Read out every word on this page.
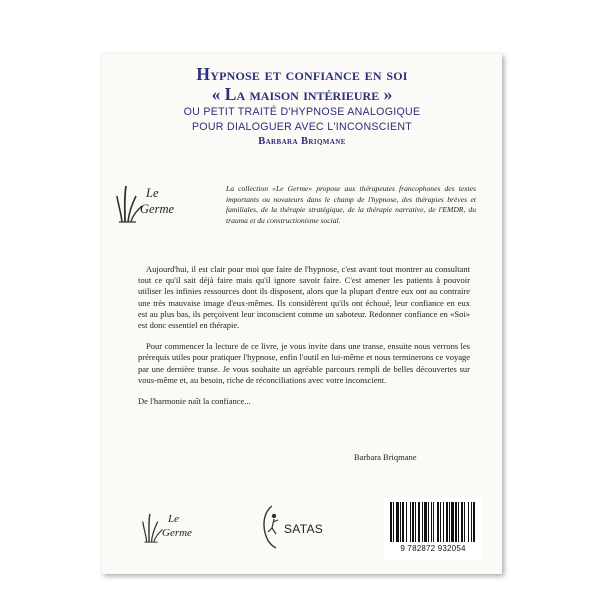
Hypnose et confiance en soi
« La maison intérieure »
OU PETIT TRAITÉ D'HYPNOSE ANALOGIQUE
POUR DIALOGUER AVEC L'INCONSCIENT
Barbara Briqmane
Le
Germe
La collection «Le Germe» propose aux thérapeutes francophones des textes importants ou novateurs dans le champ de l'hypnose, des thérapies brèves et familiales, de la thérapie stratégique, de la thérapie narrative, de l'EMDR, du trauma et du constructionisme social.

Aujourd'hui, il est clair pour moi que faire de l'hypnose, c'est avant tout montrer au consultant tout ce qu'il sait déjà faire mais qu'il ignore savoir faire. C'est amener les patients à pouvoir utiliser les infinies ressources dont ils disposent, alors que la plupart d'entre eux ont au contraire une très mauvaise image d'eux-mêmes. Ils considèrent qu'ils ont échoué, leur confiance en eux est au plus bas, ils perçoivent leur inconscient comme un saboteur. Redonner confiance en «Soi» est donc essentiel en thérapie.

Pour commencer la lecture de ce livre, je vous invite dans une transe, ensuite nous verrons les prérequis utiles pour pratiquer l'hypnose, enfin l'outil en lui-même et nous terminerons ce voyage par une dernière transe. Je vous souhaite un agréable parcours rempli de belles découvertes sur vous-même et, au besoin, riche de réconciliations avec votre inconscient.

De l'harmonie naît la confiance...

Barbara Briqmane
Le
Germe	SATAS
9 782872 932054
